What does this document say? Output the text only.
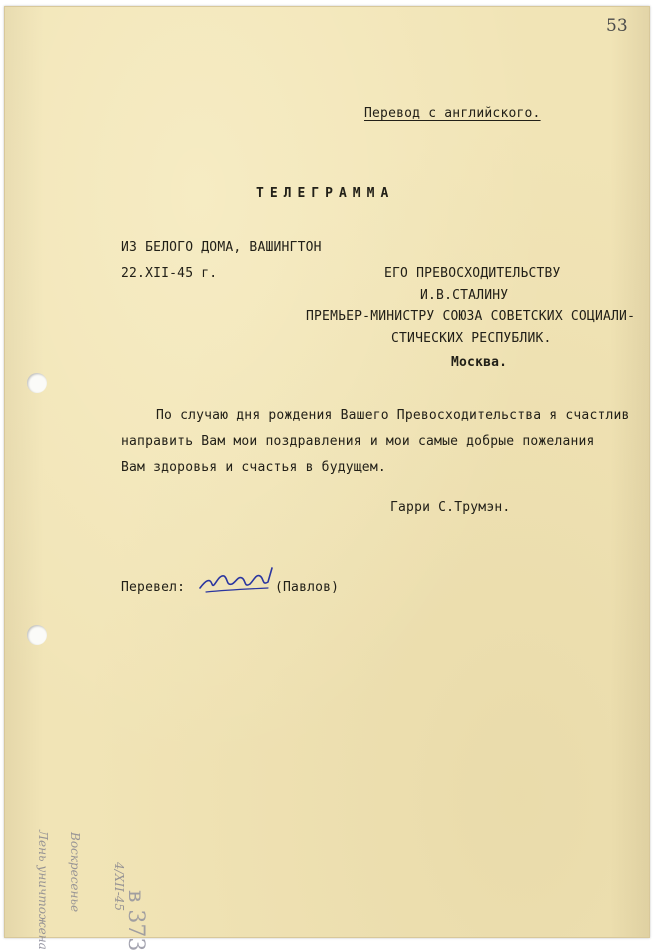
53
Перевод с английского.
ТЕЛЕГРАММА
ИЗ БЕЛОГО ДОМА, ВАШИНГТОН
22.XII-45 г.	ЕГО ПРЕВОСХОДИТЕЛЬСТВУ
И.В.СТАЛИНУ
ПРЕМЬЕР-МИНИСТРУ СОЮЗА СОВЕТСКИХ СОЦИАЛИ-
СТИЧЕСКИХ РЕСПУБЛИК.
Москва.
По случаю дня рождения Вашего Превосходительства я счастлив
направить Вам мои поздравления и мои самые добрые пожелания
Вам здоровья и счастья в будущем.
Гарри С.Трумэн.
Перевел:	(Павлов)
Лень уничтожена Воскресенье	4/XII-45
в 373
